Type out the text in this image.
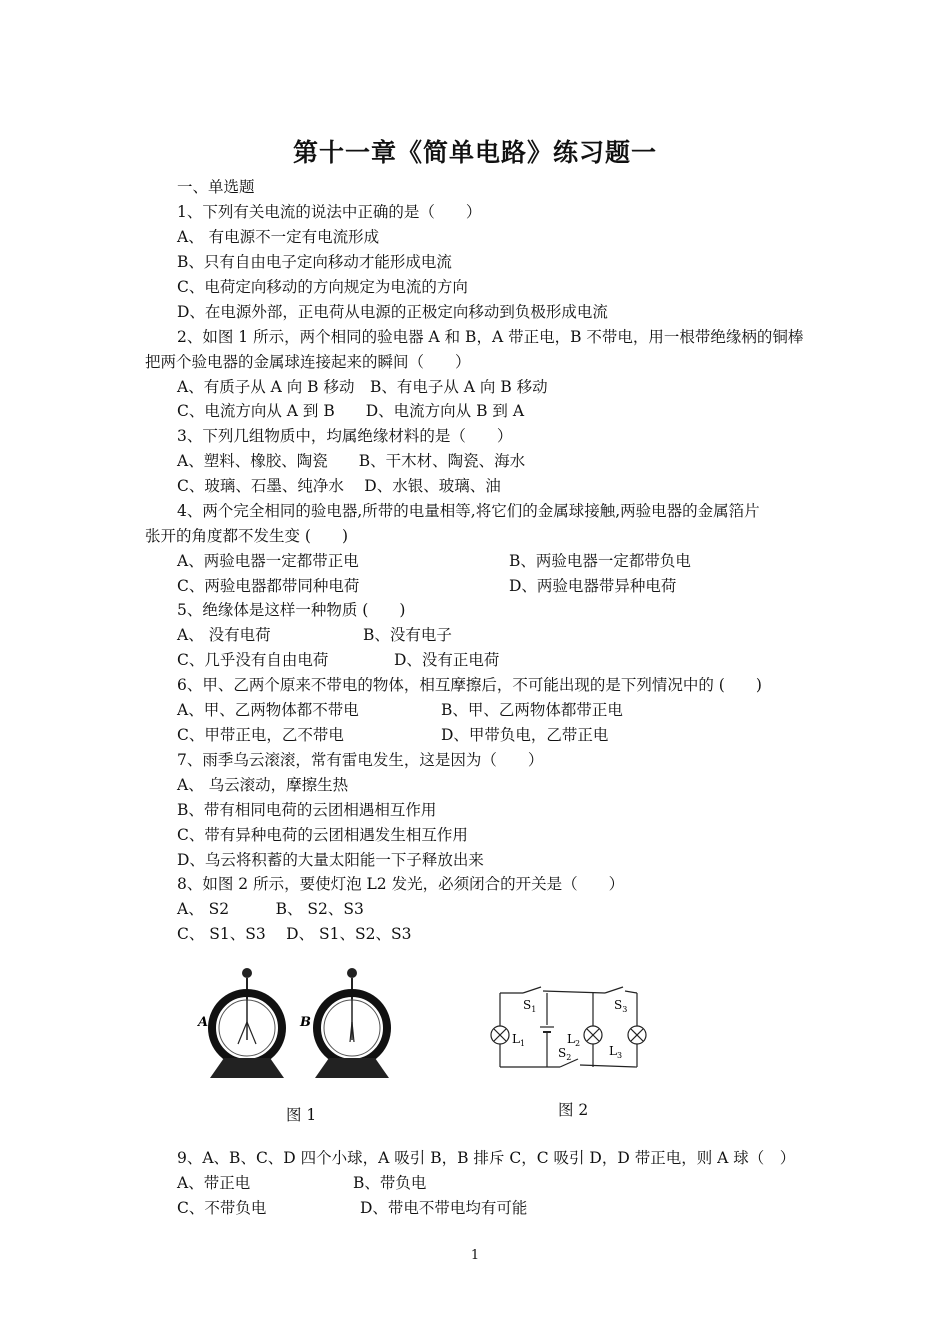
第十一章《简单电路》练习题一
一、单选题
1、下列有关电流的说法中正确的是（　　）
A、 有电源不一定有电流形成
B、只有自由电子定向移动才能形成电流
C、电荷定向移动的方向规定为电流的方向
D、在电源外部，正电荷从电源的正极定向移动到负极形成电流
2、如图 1 所示，两个相同的验电器 A 和 B，A 带正电，B 不带电，用一根带绝缘柄的铜棒
把两个验电器的金属球连接起来的瞬间（　　）
A、有质子从 A 向 B 移动　B、有电子从 A 向 B 移动
C、电流方向从 A 到 B　　D、电流方向从 B 到 A
3、下列几组物质中，均属绝缘材料的是（　　）
A、塑料、橡胶、陶瓷　　B、干木材、陶瓷、海水
C、玻璃、石墨、纯净水　 D、水银、玻璃、油
4、两个完全相同的验电器,所带的电量相等,将它们的金属球接触,两验电器的金属箔片
张开的角度都不发生变 (　　)
A、两验电器一定都带正电	B、两验电器一定都带负电
C、两验电器都带同种电荷	D、两验电器带异种电荷
5、绝缘体是这样一种物质 (　　)
A、 没有电荷	B、没有电子
C、几乎没有自由电荷	D、没有正电荷
6、甲、乙两个原来不带电的物体，相互摩擦后，不可能出现的是下列情况中的 (　　)
A、甲、乙两物体都不带电	B、甲、乙两物体都带正电
C、甲带正电，乙不带电	D、甲带负电，乙带正电
7、雨季乌云滚滚，常有雷电发生，这是因为（　　）
A、 乌云滚动，摩擦生热
B、带有相同电荷的云团相遇相互作用
C、带有异种电荷的云团相遇发生相互作用
D、乌云将积蓄的大量太阳能一下子释放出来
8、如图 2 所示，要使灯泡 L2 发光，必须闭合的开关是（　　）
A、 S2　　　B、 S2、S3
C、 S1、S3　 D、 S1、S2、S3
A	B
图 1
$S_1$	$S_3$
$S_2$
$L_1$	$L_2$
$L_3$
图 2
9、A、B、C、D 四个小球，A 吸引 B，B 排斥 C，C 吸引 D，D 带正电，则 A 球（　）
A、带正电	B、带负电
C、不带负电	D、带电不带电均有可能
1
